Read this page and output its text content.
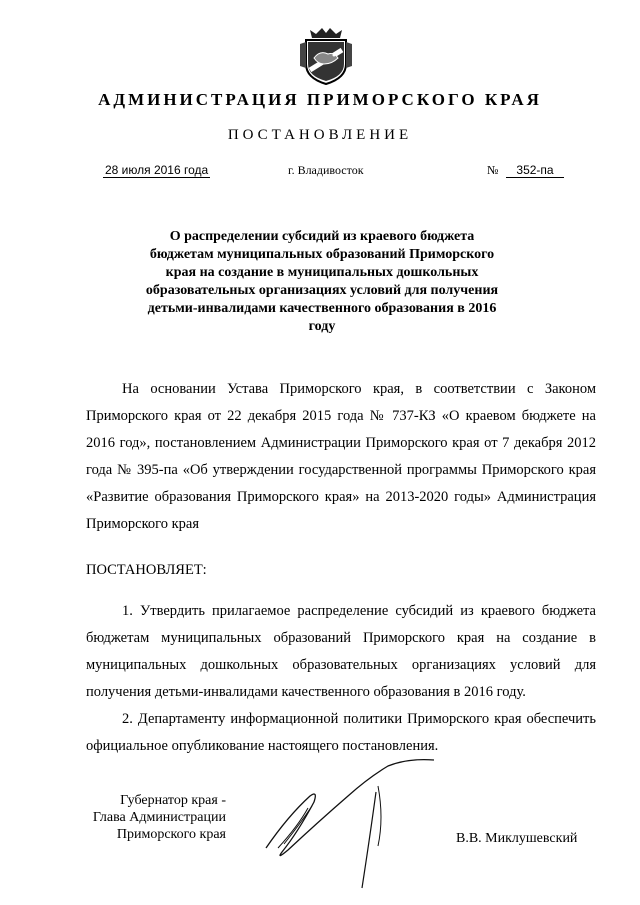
АДМИНИСТРАЦИЯ ПРИМОРСКОГО КРАЯ
ПОСТАНОВЛЕНИЕ
28 июля 2016 года	г. Владивосток	№	352-па
О распределении субсидий из краевого бюджета бюджетам муниципальных образований Приморского края на создание в муниципальных дошкольных образовательных организациях условий для получения детьми-инвалидами качественного образования в 2016 году
На основании Устава Приморского края, в соответствии с Законом Приморского края от 22 декабря 2015 года № 737-КЗ «О краевом бюджете на 2016 год», постановлением Администрации Приморского края от 7 декабря 2012 года № 395-па «Об утверждении государственной программы Приморского края «Развитие образования Приморского края» на 2013-2020 годы» Администрация Приморского края
ПОСТАНОВЛЯЕТ:
1. Утвердить прилагаемое распределение субсидий из краевого бюджета бюджетам муниципальных образований Приморского края на создание в муниципальных дошкольных образовательных организациях условий для получения детьми-инвалидами качественного образования в 2016 году.
2. Департаменту информационной политики Приморского края обеспечить официальное опубликование настоящего постановления.
Губернатор края -
Глава Администрации
Приморского края	В.В. Миклушевский
